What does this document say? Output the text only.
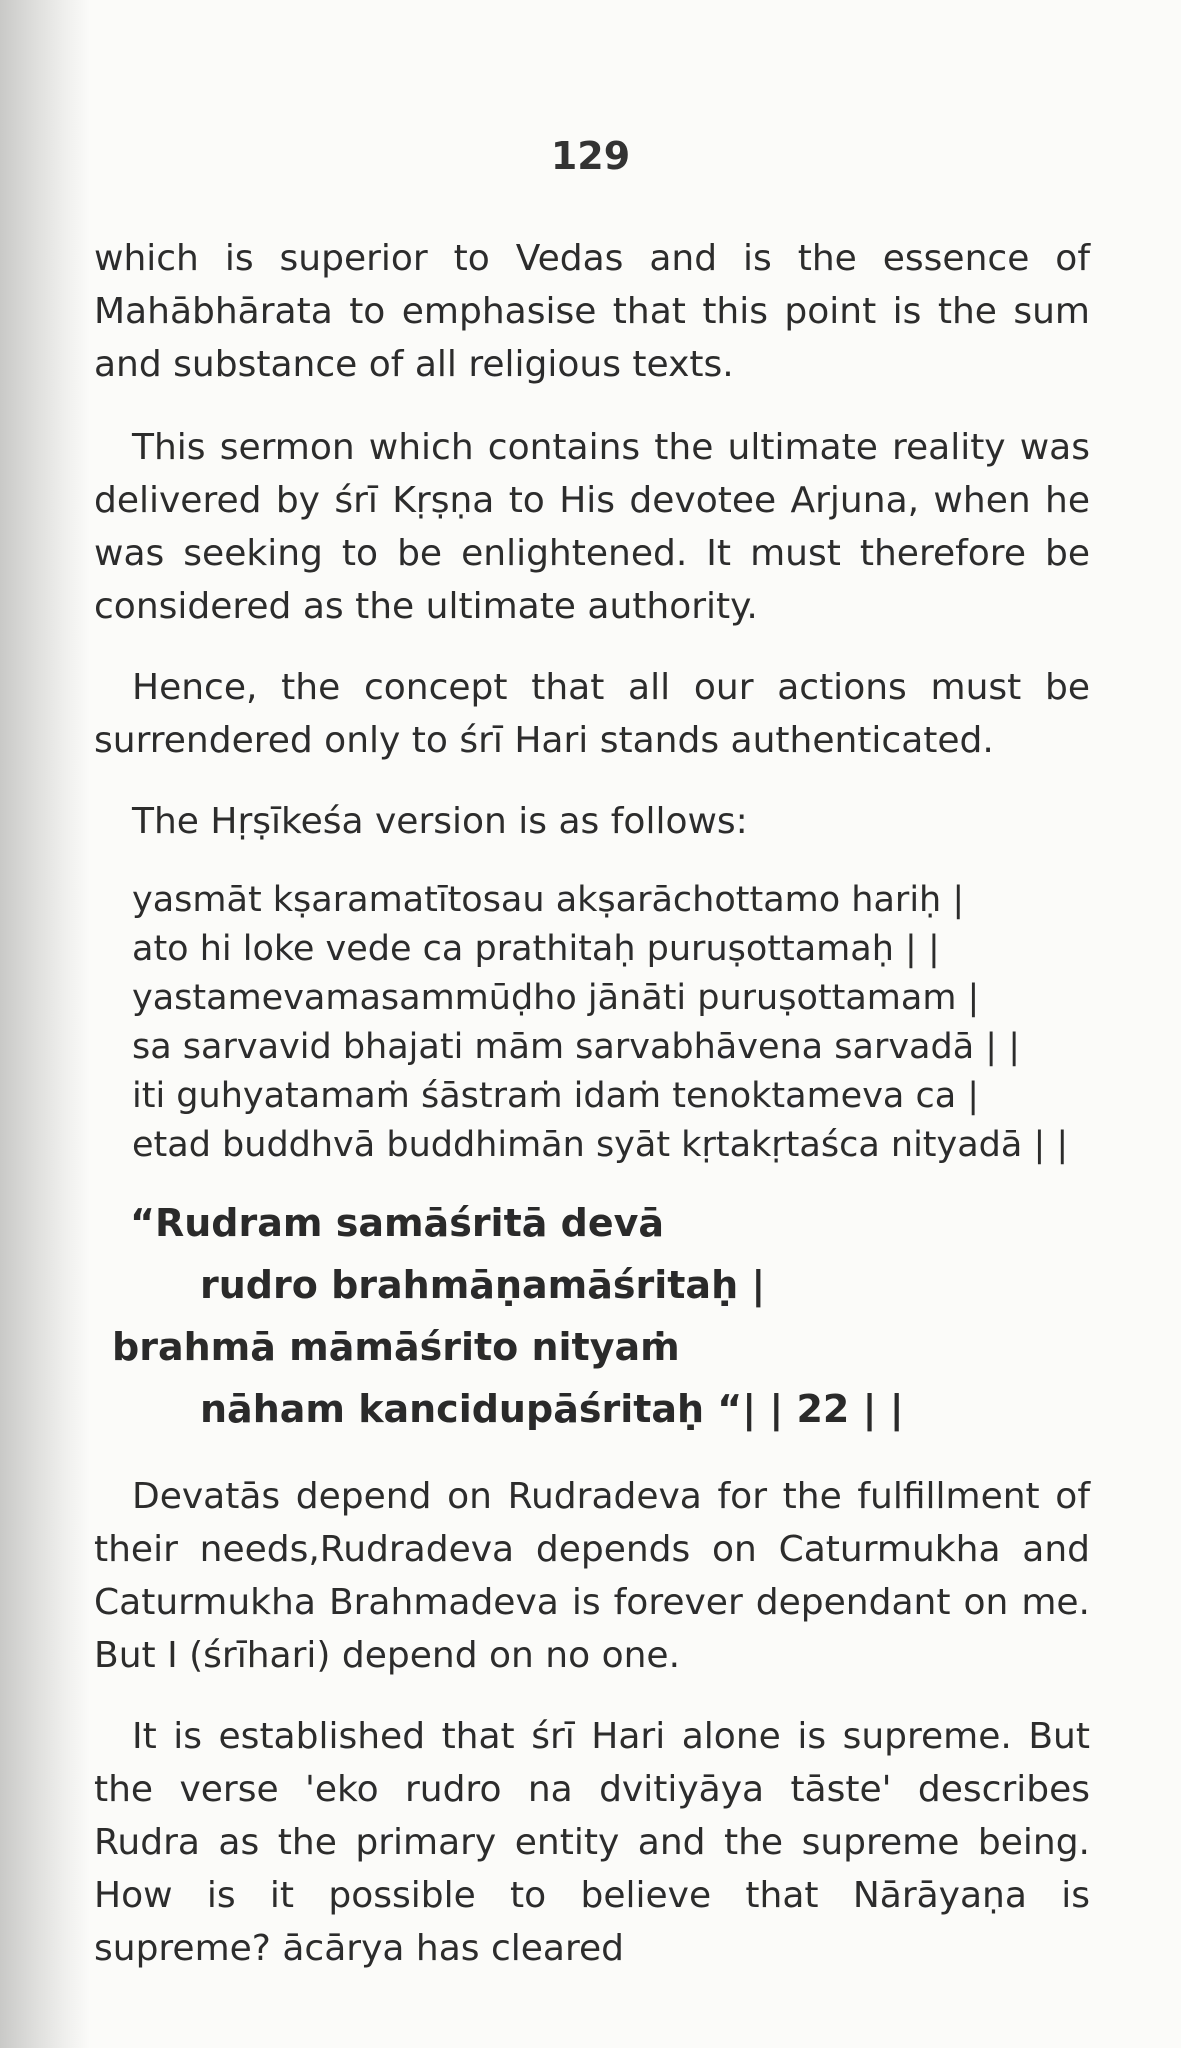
129

which is superior to Vedas and is the essence of Mahābhārata to emphasise that this point is the sum and substance of all religious texts.

This sermon which contains the ultimate reality was delivered by śrī Kṛṣṇa to His devotee Arjuna, when he was seeking to be enlightened. It must therefore be considered as the ultimate authority.

Hence, the concept that all our actions must be surrendered only to śrī Hari stands authenticated.

The Hṛṣīkeśa version is as follows:

yasmāt kṣaramatītosau akṣarāchottamo hariḥ |
ato hi loke vede ca prathitaḥ puruṣottamaḥ | |
yastamevamasammūḍho jānāti puruṣottamam |
sa sarvavid bhajati mām sarvabhāvena sarvadā | |
iti guhyatamaṁ śāstraṁ idaṁ tenoktameva ca |
etad buddhvā buddhimān syāt kṛtakṛtaśca nityadā | |
“Rudram samāśritā devā
rudro brahmāṇamāśritaḥ |
brahmā māmāśrito nityaṁ
nāham kancidupāśritaḥ “| | 22 | |

Devatās depend on Rudradeva for the fulfillment of their needs,Rudradeva depends on Caturmukha and Caturmukha Brahmadeva is forever dependant on me. But I (śrīhari) depend on no one.

It is established that śrī Hari alone is supreme. But the verse 'eko rudro na dvitiyāya tāste' describes Rudra as the primary entity and the supreme being. How is it possible to believe that Nārāyaṇa is supreme? ācārya has cleared
